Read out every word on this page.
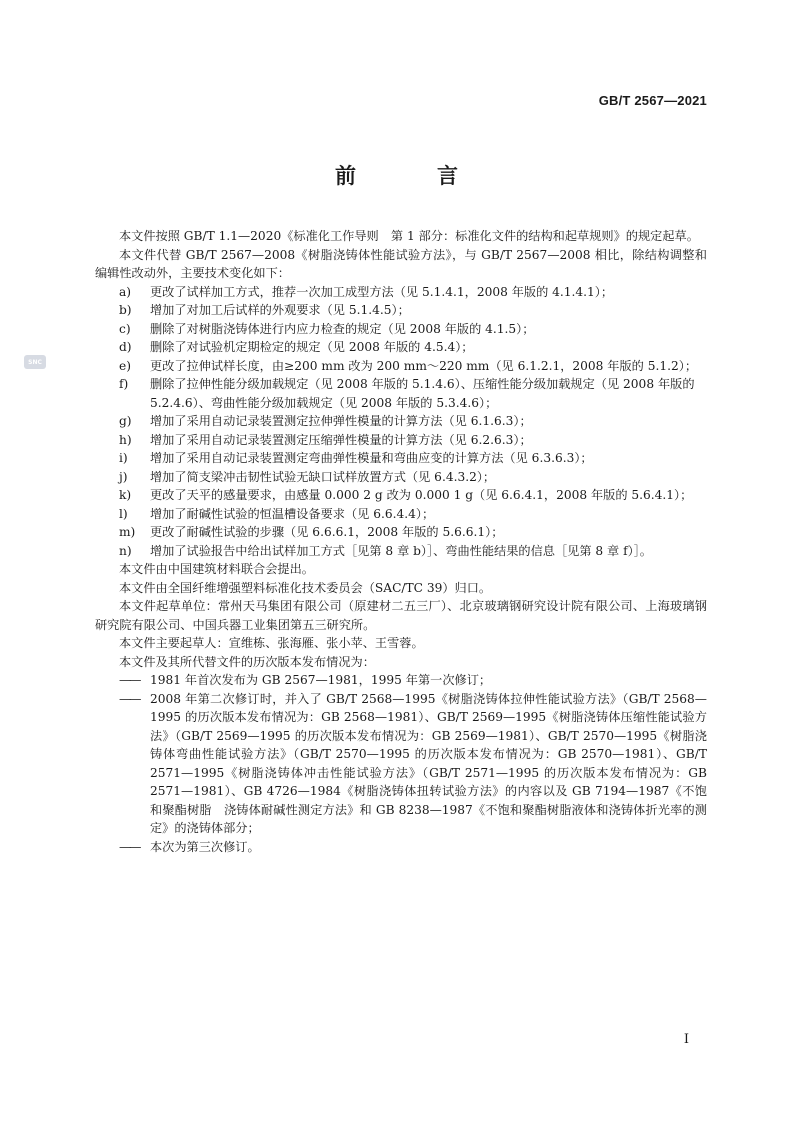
GB/T 2567—2021
SNC
前　言

本文件按照 GB/T 1.1—2020《标准化工作导则　第 1 部分：标准化文件的结构和起草规则》的规定起草。

本文件代替 GB/T 2567—2008《树脂浇铸体性能试验方法》，与 GB/T 2567—2008 相比，除结构调整和编辑性改动外，主要技术变化如下：

a) 更改了试样加工方式，推荐一次加工成型方法（见 5.1.4.1，2008 年版的 4.1.4.1）；
b) 增加了对加工后试样的外观要求（见 5.1.4.5）；
c) 删除了对树脂浇铸体进行内应力检查的规定（见 2008 年版的 4.1.5）；
d) 删除了对试验机定期检定的规定（见 2008 年版的 4.5.4）；
e) 更改了拉伸试样长度，由≥200 mm 改为 200 mm～220 mm（见 6.1.2.1，2008 年版的 5.1.2）；
f) 删除了拉伸性能分级加载规定（见 2008 年版的 5.1.4.6）、压缩性能分级加载规定（见 2008 年版的 5.2.4.6）、弯曲性能分级加载规定（见 2008 年版的 5.3.4.6）；
g) 增加了采用自动记录装置测定拉伸弹性模量的计算方法（见 6.1.6.3）；
h) 增加了采用自动记录装置测定压缩弹性模量的计算方法（见 6.2.6.3）；
i) 增加了采用自动记录装置测定弯曲弹性模量和弯曲应变的计算方法（见 6.3.6.3）；
j) 增加了简支梁冲击韧性试验无缺口试样放置方式（见 6.4.3.2）；
k) 更改了天平的感量要求，由感量 0.000 2 g 改为 0.000 1 g（见 6.6.4.1，2008 年版的 5.6.4.1）；
l) 增加了耐碱性试验的恒温槽设备要求（见 6.6.4.4）；
m) 更改了耐碱性试验的步骤（见 6.6.6.1，2008 年版的 5.6.6.1）；
n) 增加了试验报告中给出试样加工方式［见第 8 章 b）］、弯曲性能结果的信息［见第 8 章 f）］。

本文件由中国建筑材料联合会提出。

本文件由全国纤维增强塑料标准化技术委员会（SAC/TC 39）归口。

本文件起草单位：常州天马集团有限公司（原建材二五三厂）、北京玻璃钢研究设计院有限公司、上海玻璃钢研究院有限公司、中国兵器工业集团第五三研究所。

本文件主要起草人：宣维栋、张海雁、张小苹、王雪蓉。

本文件及其所代替文件的历次版本发布情况为：

—— 1981 年首次发布为 GB 2567—1981，1995 年第一次修订；
—— 2008 年第二次修订时，并入了 GB/T 2568—1995《树脂浇铸体拉伸性能试验方法》（GB/T 2568—1995 的历次版本发布情况为：GB 2568—1981）、GB/T 2569—1995《树脂浇铸体压缩性能试验方法》（GB/T 2569—1995 的历次版本发布情况为：GB 2569—1981）、GB/T 2570—1995《树脂浇铸体弯曲性能试验方法》（GB/T 2570—1995 的历次版本发布情况为：GB 2570—1981）、GB/T 2571—1995《树脂浇铸体冲击性能试验方法》（GB/T 2571—1995 的历次版本发布情况为：GB 2571—1981）、GB 4726—1984《树脂浇铸体扭转试验方法》的内容以及 GB 7194—1987《不饱和聚酯树脂　浇铸体耐碱性测定方法》和 GB 8238—1987《不饱和聚酯树脂液体和浇铸体折光率的测定》的浇铸体部分；
—— 本次为第三次修订。
I
